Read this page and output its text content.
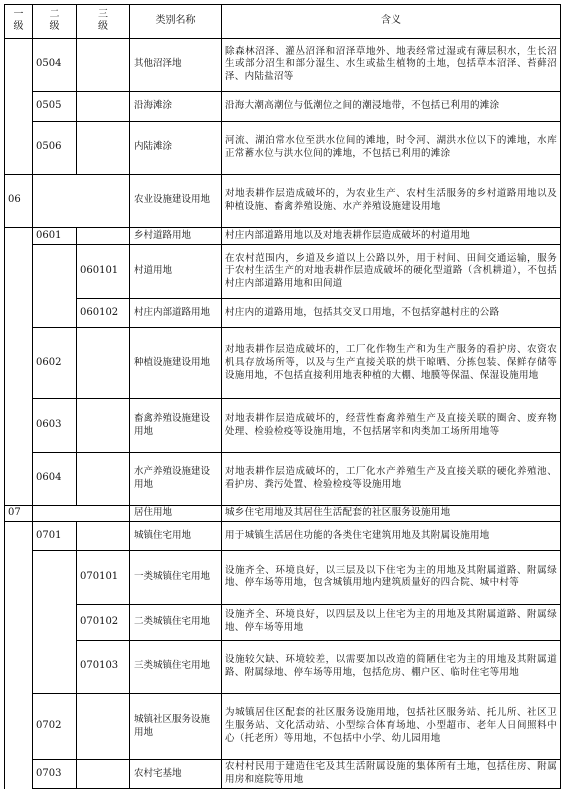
一
级	二
级	三
级	类别名称	含义
	0504		其他沼泽地	除森林沼泽、灌丛沼泽和沼泽草地外、地表经常过湿或有薄层积水，生长沼生或部分沼生和部分湿生、水生或盐生植物的土地，包括草本沼泽、苔藓沼泽、内陆盐沼等
	0505		沿海滩涂	沿海大潮高潮位与低潮位之间的潮浸地带，不包括已利用的滩涂
	0506		内陆滩涂	河流、湖泊常水位至洪水位间的滩地，时令河、湖洪水位以下的滩地，水库正常蓄水位与洪水位间的滩地，不包括已利用的滩涂
06			农业设施建设用地	对地表耕作层造成破坏的，为农业生产、农村生活服务的乡村道路用地以及种植设施、畜禽养殖设施、水产养殖设施建设用地
	0601		乡村道路用地	村庄内部道路用地以及对地表耕作层造成破坏的村道用地
		060101	村道用地	在农村范围内，乡道及乡道以上公路以外，用于村间、田间交通运输，服务于农村生活生产的对地表耕作层造成破坏的硬化型道路（含机耕道），不包括村庄内部道路用地和田间道
		060102	村庄内部道路用地	村庄内的道路用地，包括其交叉口用地，不包括穿越村庄的公路
	0602		种植设施建设用地	对地表耕作层造成破坏的，工厂化作物生产和为生产服务的看护房、农资农机具存放场所等，以及与生产直接关联的烘干晾晒、分拣包装、保鲜存储等设施用地，不包括直接利用地表种植的大棚、地膜等保温、保湿设施用地
	0603		畜禽养殖设施建设用地	对地表耕作层造成破坏的，经营性畜禽养殖生产及直接关联的圈舍、废弃物处理、检验检疫等设施用地，不包括屠宰和肉类加工场所用地等
	0604		水产养殖设施建设用地	对地表耕作层造成破坏的，工厂化水产养殖生产及直接关联的硬化养殖池、看护房、粪污处置、检验检疫等设施用地
07			居住用地	城乡住宅用地及其居住生活配套的社区服务设施用地
	0701		城镇住宅用地	用于城镇生活居住功能的各类住宅建筑用地及其附属设施用地
		070101	一类城镇住宅用地	设施齐全、环境良好，以三层及以下住宅为主的用地及其附属道路、附属绿地、停车场等用地，包含城镇用地内建筑质量好的四合院、城中村等
		070102	二类城镇住宅用地	设施齐全、环境良好，以四层及以上住宅为主的用地及其附属道路、附属绿地、停车场等用地
		070103	三类城镇住宅用地	设施较欠缺、环境较差，以需要加以改造的简陋住宅为主的用地及其附属道路、附属绿地、停车场等用地，包括危房、棚户区、临时住宅等用地
	0702		城镇社区服务设施用地	为城镇居住区配套的社区服务设施用地，包括社区服务站、托儿所、社区卫生服务站、文化活动站、小型综合体育场地、小型超市、老年人日间照料中心（托老所）等用地，不包括中小学、幼儿园用地
	0703		农村宅基地	农村村民用于建造住宅及其生活附属设施的集体所有土地，包括住房、附属用房和庭院等用地
